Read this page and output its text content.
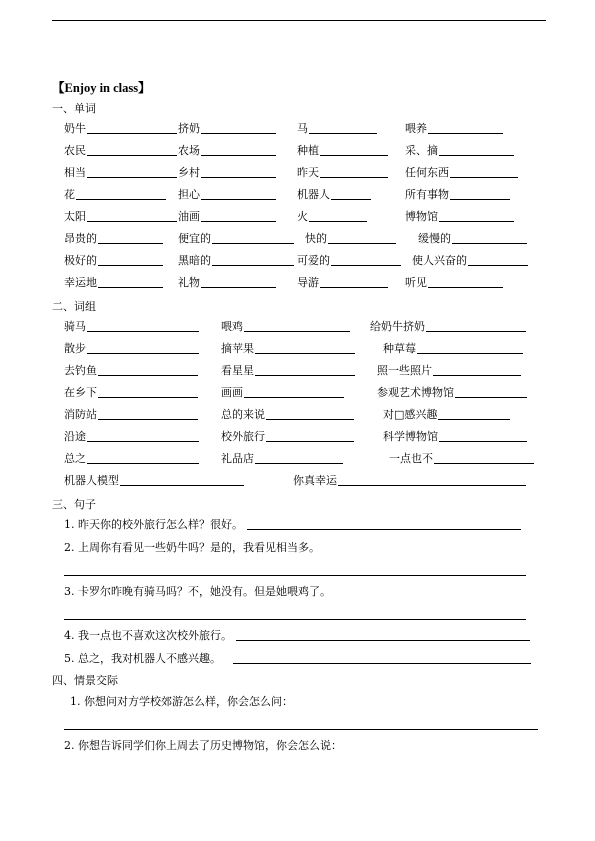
【Enjoy in class】
一、单词
奶牛	挤奶	马	喂养
农民	农场	种植	采、摘
相当	乡村	昨天	任何东西
花	担心	机器人	所有事物
太阳	油画	火	博物馆
昂贵的	便宜的	快的	缓慢的
极好的	黑暗的	可爱的	使人兴奋的
幸运地	礼物	导游	听见
二、词组
骑马	喂鸡	给奶牛挤奶
散步	摘苹果	种草莓
去钓鱼	看星星	照一些照片
在乡下	画画	参观艺术博物馆
消防站	总的来说	对□感兴趣
沿途	校外旅行	科学博物馆
总之	礼品店	一点也不
机器人模型	你真幸运
三、句子
1. 昨天你的校外旅行怎么样？很好。
2. 上周你有看见一些奶牛吗？是的，我看见相当多。
3. 卡罗尔昨晚有骑马吗？不，她没有。但是她喂鸡了。
4. 我一点也不喜欢这次校外旅行。
5. 总之，我对机器人不感兴趣。
四、情景交际
1. 你想问对方学校郊游怎么样，你会怎么问：
2. 你想告诉同学们你上周去了历史博物馆，你会怎么说：
